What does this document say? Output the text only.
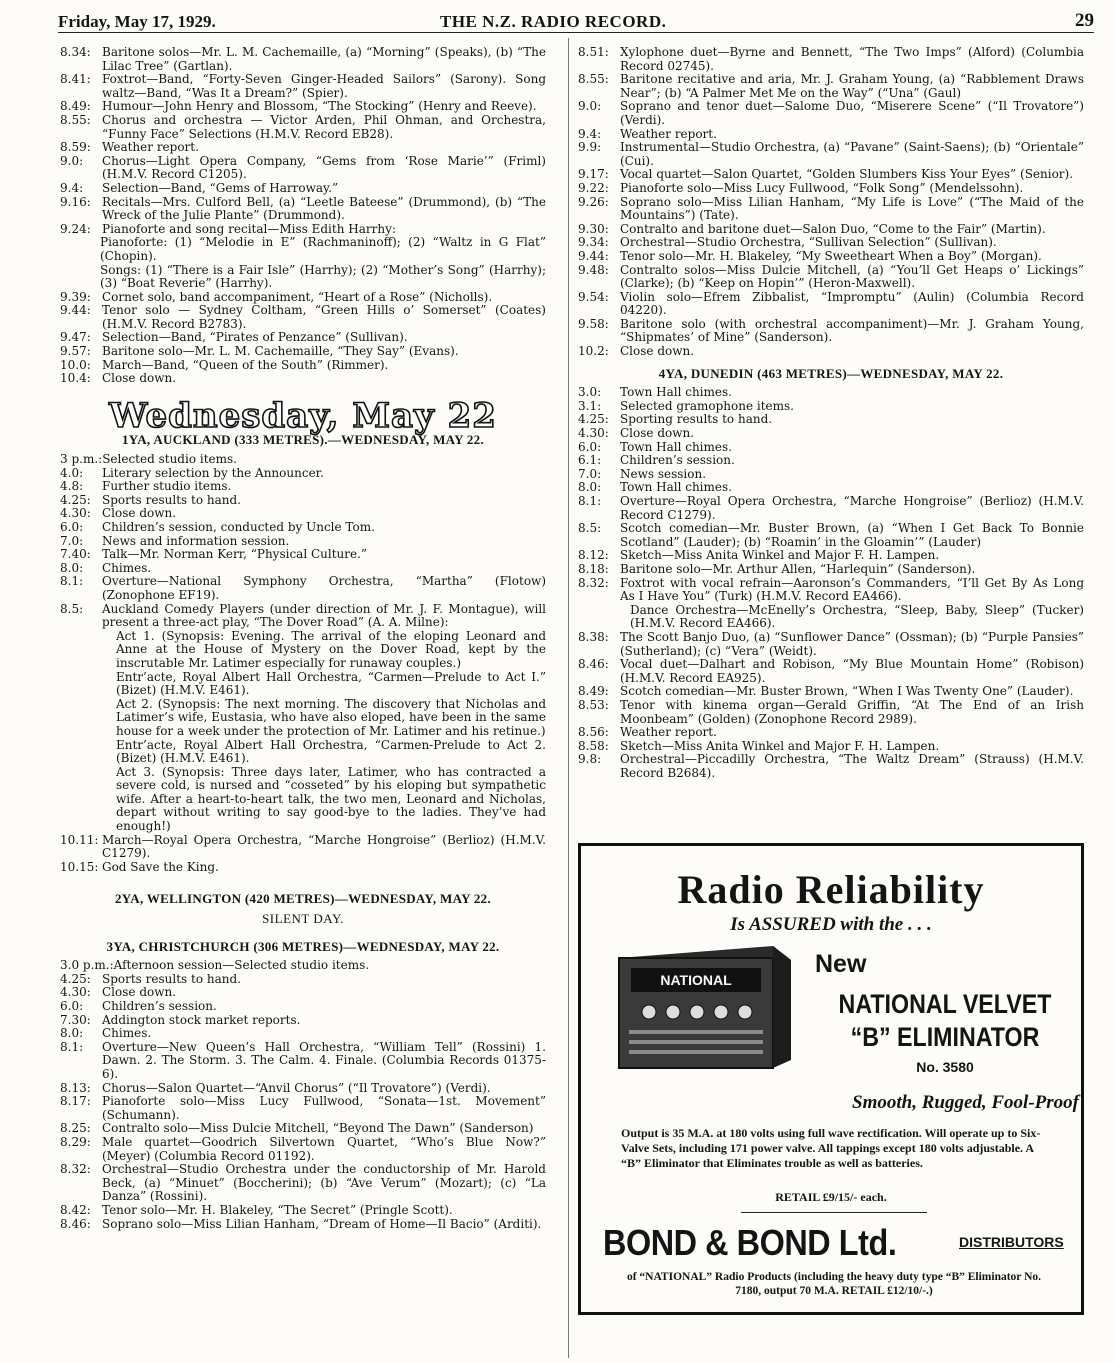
Friday, May 17, 1929.	THE N.Z. RADIO RECORD.	29
8.34: Baritone solos—Mr. L. M. Cachemaille, (a) “Morning” (Speaks), (b) “The Lilac Tree” (Gartlan).
8.41: Foxtrot—Band, “Forty-Seven Ginger-Headed Sailors” (Sarony). Song waltz—Band, “Was It a Dream?” (Spier).
8.49: Humour—John Henry and Blossom, “The Stocking” (Henry and Reeve).
8.55: Chorus and orchestra — Victor Arden, Phil Ohman, and Orchestra, “Funny Face” Selections (H.M.V. Record EB28).
8.59: Weather report.
9.0:	Chorus—Light Opera Company, “Gems from ‘Rose Marie’” (Friml) (H.M.V. Record C1205).
9.4:	Selection—Band, “Gems of Harroway.”
9.16: Recitals—Mrs. Culford Bell, (a) “Leetle Bateese” (Drummond), (b) “The Wreck of the Julie Plante” (Drummond).
9.24: Pianoforte and song recital—Miss Edith Harrhy:
Pianoforte: (1) “Melodie in E” (Rachmaninoff); (2) “Waltz in G Flat” (Chopin).
Songs: (1) “There is a Fair Isle” (Harrhy); (2) “Mother’s Song” (Harrhy); (3) “Boat Reverie” (Harrhy).
9.39: Cornet solo, band accompaniment, “Heart of a Rose” (Nicholls).
9.44: Tenor solo — Sydney Coltham, “Green Hills o’ Somerset” (Coates) (H.M.V. Record B2783).
9.47: Selection—Band, “Pirates of Penzance” (Sullivan).
9.57: Baritone solo—Mr. L. M. Cachemaille, “They Say” (Evans).
10.0: March—Band, “Queen of the South” (Rimmer).
10.4: Close down.
Wednesday, May 22
1YA, AUCKLAND (333 METRES).—WEDNESDAY, MAY 22.
3 p.m.: Selected studio items.
4.0:	Literary selection by the Announcer.
4.8:	Further studio items.
4.25: Sports results to hand.
4.30: Close down.
6.0:	Children’s session, conducted by Uncle Tom.
7.0:	News and information session.
7.40: Talk—Mr. Norman Kerr, “Physical Culture.”
8.0:	Chimes.
8.1:	Overture—National Symphony Orchestra, “Martha” (Flotow) (Zonophone EF19).
8.5:	Auckland Comedy Players (under direction of Mr. J. F. Montague), will present a three-act play, “The Dover Road” (A. A. Milne):
Act 1. (Synopsis: Evening. The arrival of the eloping Leonard and Anne at the House of Mystery on the Dover Road, kept by the inscrutable Mr. Latimer especially for runaway couples.)
Entr’acte, Royal Albert Hall Orchestra, “Carmen—Prelude to Act I.” (Bizet) (H.M.V. E461).
Act 2. (Synopsis: The next morning. The discovery that Nicholas and Latimer’s wife, Eustasia, who have also eloped, have been in the same house for a week under the protection of Mr. Latimer and his retinue.)
Entr’acte, Royal Albert Hall Orchestra, “Carmen-Prelude to Act 2. (Bizet) (H.M.V. E461).
Act 3. (Synopsis: Three days later, Latimer, who has contracted a severe cold, is nursed and “cosseted” by his eloping but sympathetic wife. After a heart-to-heart talk, the two men, Leonard and Nicholas, depart without writing to say good-bye to the ladies. They’ve had enough!)
10.11: March—Royal Opera Orchestra, “Marche Hongroise” (Berlioz) (H.M.V. C1279).
10.15: God Save the King.
2YA, WELLINGTON (420 METRES)—WEDNESDAY, MAY 22.
SILENT DAY.
3YA, CHRISTCHURCH (306 METRES)—WEDNESDAY, MAY 22.
3.0 p.m.: Afternoon session—Selected studio items.
4.25: Sports results to hand.
4.30: Close down.
6.0:	Children’s session.
7.30: Addington stock market reports.
8.0:	Chimes.
8.1:	Overture—New Queen’s Hall Orchestra, “William Tell” (Rossini) 1. Dawn. 2. The Storm. 3. The Calm. 4. Finale. (Columbia Records 01375-6).
8.13: Chorus—Salon Quartet—“Anvil Chorus” (“Il Trovatore”) (Verdi).
8.17: Pianoforte solo—Miss Lucy Fullwood, “Sonata—1st. Movement” (Schumann).
8.25: Contralto solo—Miss Dulcie Mitchell, “Beyond The Dawn” (Sanderson)
8.29: Male quartet—Goodrich Silvertown Quartet, “Who’s Blue Now?” (Meyer) (Columbia Record 01192).
8.32: Orchestral—Studio Orchestra under the conductorship of Mr. Harold Beck, (a) “Minuet” (Boccherini); (b) “Ave Verum” (Mozart); (c) “La Danza” (Rossini).
8.42: Tenor solo—Mr. H. Blakeley, “The Secret” (Pringle Scott).
8.46: Soprano solo—Miss Lilian Hanham, “Dream of Home—Il Bacio” (Arditi).
8.51: Xylophone duet—Byrne and Bennett, “The Two Imps” (Alford) (Columbia Record 02745).
8.55: Baritone recitative and aria, Mr. J. Graham Young, (a) “Rabblement Draws Near”; (b) “A Palmer Met Me on the Way” (“Una” (Gaul)
9.0:	Soprano and tenor duet—Salome Duo, “Miserere Scene” (“Il Trovatore”) (Verdi).
9.4:	Weather report.
9.9:	Instrumental—Studio Orchestra, (a) “Pavane” (Saint-Saens); (b) “Orientale” (Cui).
9.17: Vocal quartet—Salon Quartet, “Golden Slumbers Kiss Your Eyes” (Senior).
9.22: Pianoforte solo—Miss Lucy Fullwood, “Folk Song” (Mendelssohn).
9.26: Soprano solo—Miss Lilian Hanham, “My Life is Love” (“The Maid of the Mountains”) (Tate).
9.30: Contralto and baritone duet—Salon Duo, “Come to the Fair” (Martin).
9.34: Orchestral—Studio Orchestra, “Sullivan Selection” (Sullivan).
9.44: Tenor solo—Mr. H. Blakeley, “My Sweetheart When a Boy” (Morgan).
9.48: Contralto solos—Miss Dulcie Mitchell, (a) “You’ll Get Heaps o’ Lickings” (Clarke); (b) “Keep on Hopin’” (Heron-Maxwell).
9.54: Violin solo—Efrem Zibbalist, “Impromptu” (Aulin) (Columbia Record 04220).
9.58: Baritone solo (with orchestral accompaniment)—Mr. J. Graham Young, “Shipmates’ of Mine” (Sanderson).
10.2: Close down.
4YA, DUNEDIN (463 METRES)—WEDNESDAY, MAY 22.
3.0:	Town Hall chimes.
3.1:	Selected gramophone items.
4.25: Sporting results to hand.
4.30: Close down.
6.0:	Town Hall chimes.
6.1:	Children’s session.
7.0:	News session.
8.0:	Town Hall chimes.
8.1:	Overture—Royal Opera Orchestra, “Marche Hongroise” (Berlioz) (H.M.V. Record C1279).
8.5:	Scotch comedian—Mr. Buster Brown, (a) “When I Get Back To Bonnie Scotland” (Lauder); (b) “Roamin’ in the Gloamin’” (Lauder)
8.12: Sketch—Miss Anita Winkel and Major F. H. Lampen.
8.18: Baritone solo—Mr. Arthur Allen, “Harlequin” (Sanderson).
8.32: Foxtrot with vocal refrain—Aaronson’s Commanders, “I’ll Get By As Long As I Have You” (Turk) (H.M.V. Record EA466).
Dance Orchestra—McEnelly’s Orchestra, “Sleep, Baby, Sleep” (Tucker) (H.M.V. Record EA466).
8.38: The Scott Banjo Duo, (a) “Sunflower Dance” (Ossman); (b) “Purple Pansies” (Sutherland); (c) “Vera” (Weidt).
8.46: Vocal duet—Dalhart and Robison, “My Blue Mountain Home” (Robison) (H.M.V. Record EA925).
8.49: Scotch comedian—Mr. Buster Brown, “When I Was Twenty One” (Lauder).
8.53: Tenor with kinema organ—Gerald Griffin, “At The End of an Irish Moonbeam” (Golden) (Zonophone Record 2989).
8.56: Weather report.
8.58: Sketch—Miss Anita Winkel and Major F. H. Lampen.
9.8:	Orchestral—Piccadilly Orchestra, “The Waltz Dream” (Strauss) (H.M.V. Record B2684).
Radio Reliability
Is ASSURED with the . . .
NATIONAL
New
NATIONAL VELVET
“B” ELIMINATOR
No. 3580
Smooth, Rugged, Fool-Proof
Output is 35 M.A. at 180 volts using full wave rectification. Will operate up to Six-Valve Sets, including 171 power valve. All tappings except 180 volts adjustable. A “B” Eliminator that Eliminates trouble as well as batteries.
RETAIL £9/15/- each.
BOND & BOND Ltd.	DISTRIBUTORS
of “NATIONAL” Radio Products (including the heavy duty type “B” Eliminator No. 7180, output 70 M.A. RETAIL £12/10/-.)
